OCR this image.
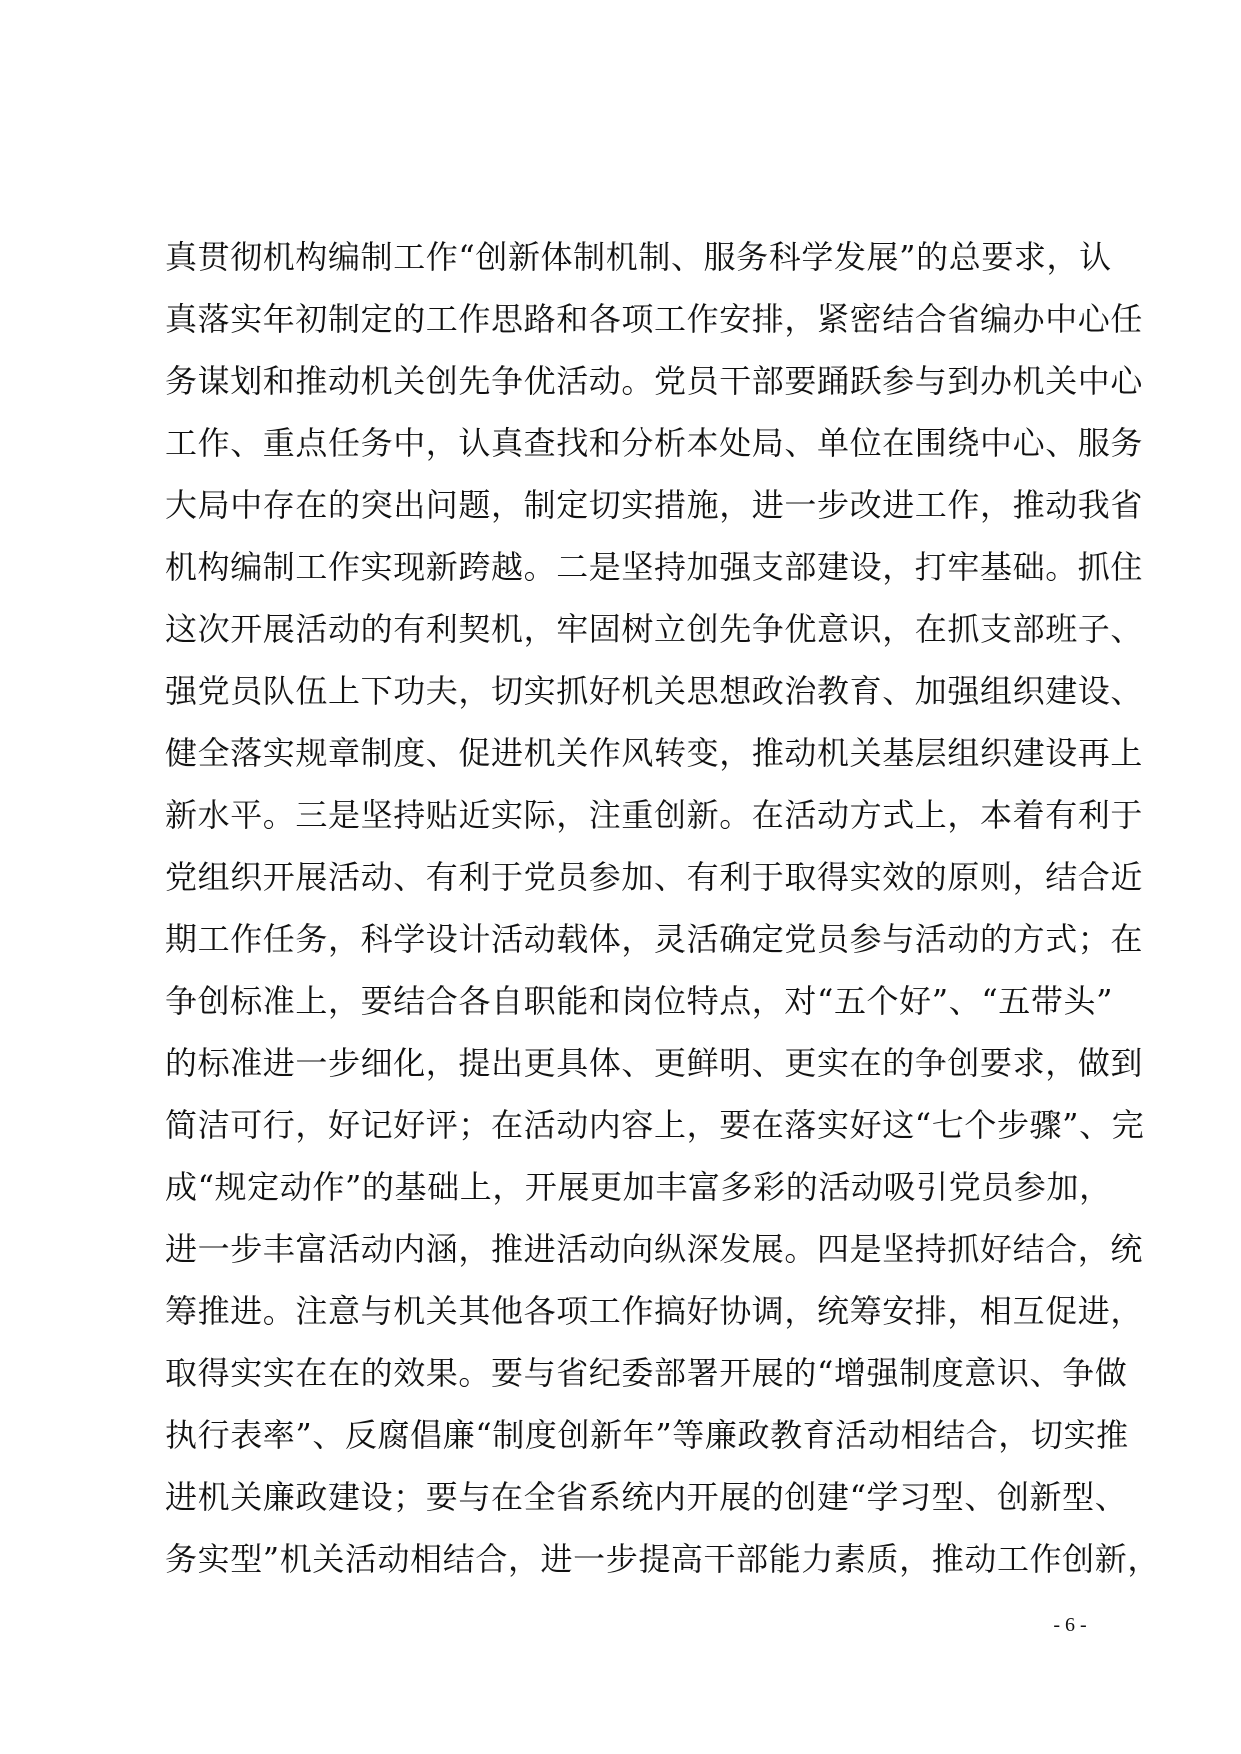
真贯彻机构编制工作“创新体制机制、服务科学发展”的总要求，认
真落实年初制定的工作思路和各项工作安排，紧密结合省编办中心任
务谋划和推动机关创先争优活动。党员干部要踊跃参与到办机关中心
工作、重点任务中，认真查找和分析本处局、单位在围绕中心、服务
大局中存在的突出问题，制定切实措施，进一步改进工作，推动我省
机构编制工作实现新跨越。二是坚持加强支部建设，打牢基础。抓住
这次开展活动的有利契机，牢固树立创先争优意识，在抓支部班子、
强党员队伍上下功夫，切实抓好机关思想政治教育、加强组织建设、
健全落实规章制度、促进机关作风转变，推动机关基层组织建设再上
新水平。三是坚持贴近实际，注重创新。在活动方式上，本着有利于
党组织开展活动、有利于党员参加、有利于取得实效的原则，结合近
期工作任务，科学设计活动载体，灵活确定党员参与活动的方式；在
争创标准上，要结合各自职能和岗位特点，对“五个好”、“五带头”
的标准进一步细化，提出更具体、更鲜明、更实在的争创要求，做到
简洁可行，好记好评；在活动内容上，要在落实好这“七个步骤”、完
成“规定动作”的基础上，开展更加丰富多彩的活动吸引党员参加，
进一步丰富活动内涵，推进活动向纵深发展。四是坚持抓好结合，统
筹推进。注意与机关其他各项工作搞好协调，统筹安排，相互促进，
取得实实在在的效果。要与省纪委部署开展的“增强制度意识、争做
执行表率”、反腐倡廉“制度创新年”等廉政教育活动相结合，切实推
进机关廉政建设；要与在全省系统内开展的创建“学习型、创新型、
务实型”机关活动相结合，进一步提高干部能力素质，推动工作创新，
- 6 -
